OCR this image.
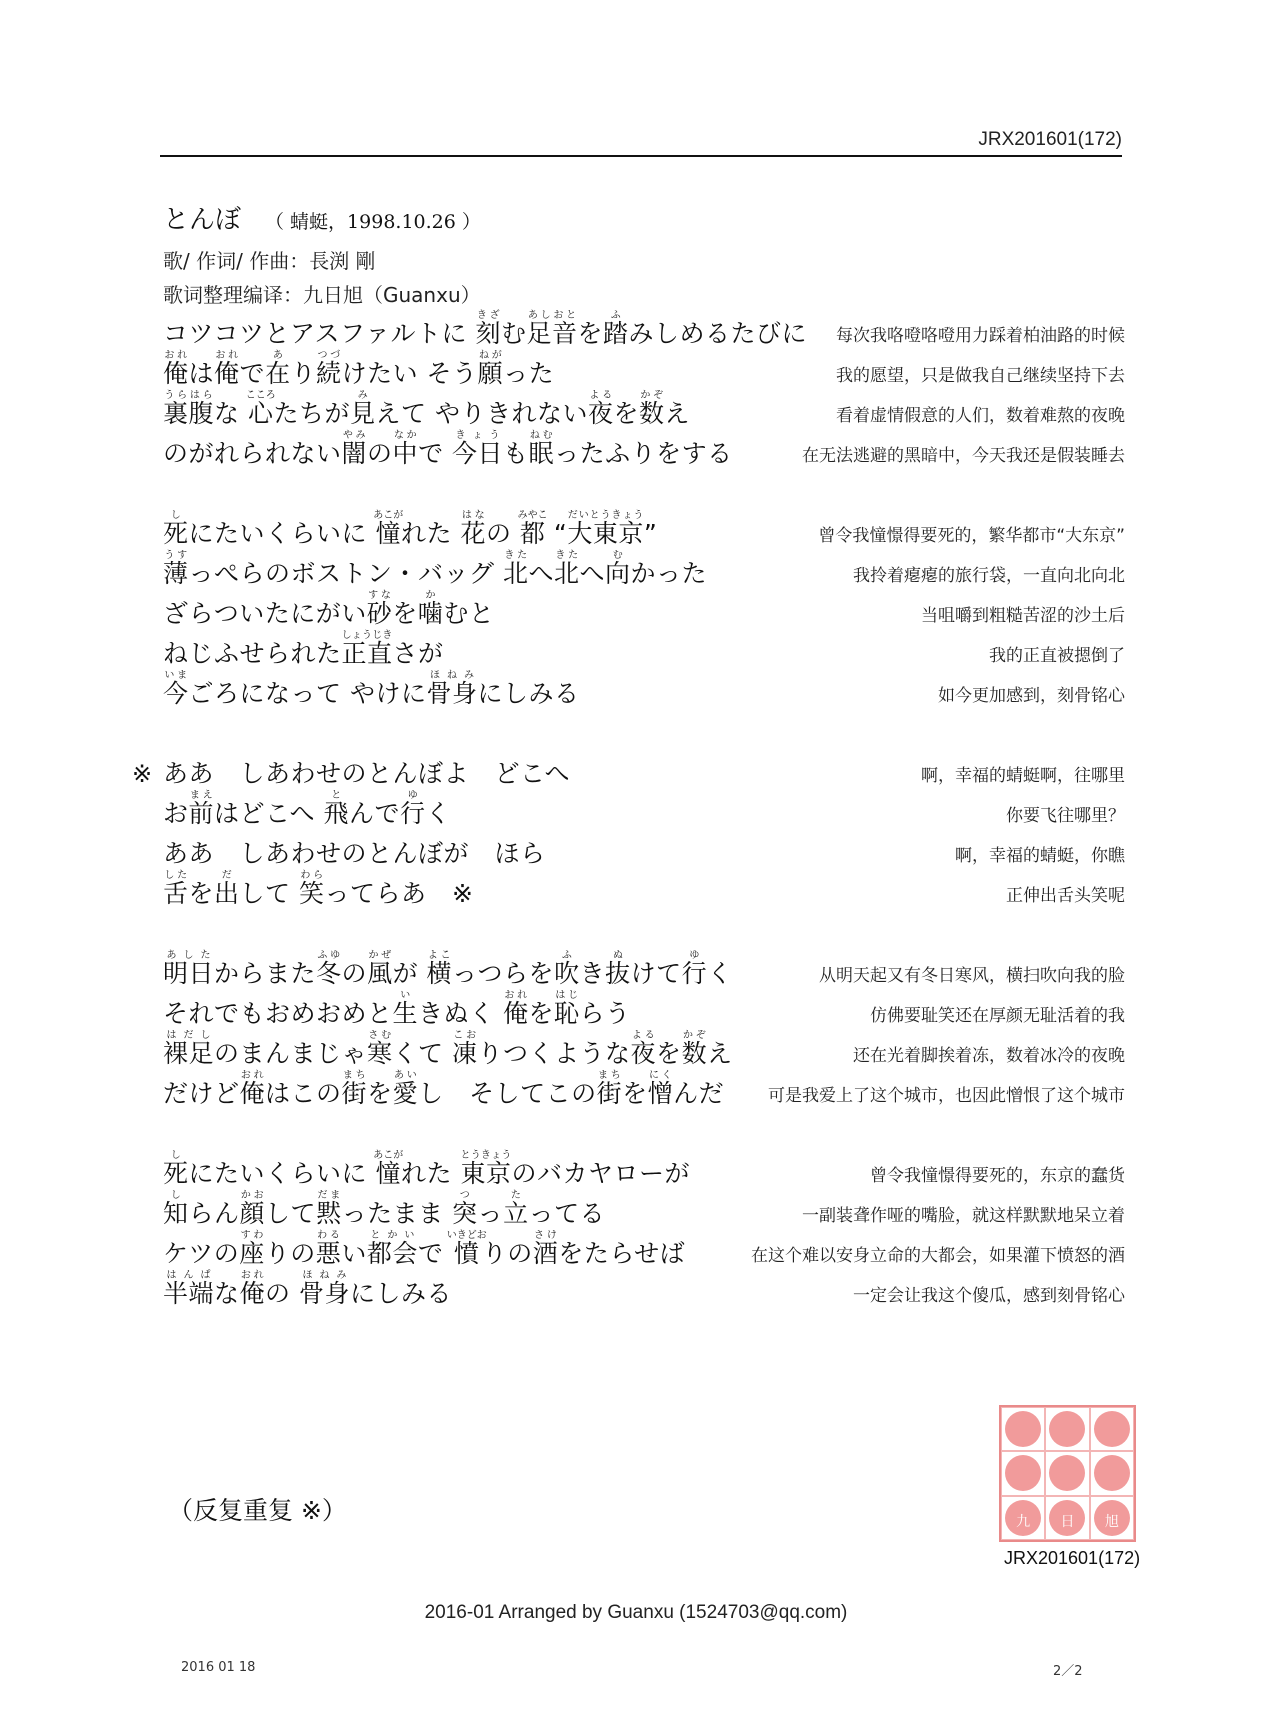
JRX201601(172)
とんぼ （ 蜻蜓，1998.10.26 ）
歌/ 作词/ 作曲：長渕 剛
歌词整理编译：九日旭（Guanxu）
コツコツとアスファルトに 刻きざむ足音あしおとを踏ふみしめるたびに 每次我咯噔咯噔用力踩着柏油路的时候
俺おれは俺おれで在あり続つづけたい そう願ねがった	我的愿望，只是做我自己继续坚持下去
裏腹うらはらな 心こころたちが見みえて やりきれない夜よるを数かぞえ	看着虚情假意的人们，数着难熬的夜晚
のがれられない闇やみの中なかで 今日きょうも眠ねむったふりをする	在无法逃避的黑暗中，今天我还是假装睡去
死しにたいくらいに 憧あこがれた 花はなの 都みやこ “大東京だいとうきょう”	曾令我憧憬得要死的，繁华都市“大东京”
薄うすっぺらのボストン・バッグ 北きたへ北きたへ向むかった	我拎着瘪瘪的旅行袋，一直向北向北
ざらついたにがい砂すなを噛かむと	当咀嚼到粗糙苦涩的沙土后
ねじふせられた正直しょうじきさが	我的正直被摁倒了
今いまごろになって やけに骨身ほねみにしみる	如今更加感到，刻骨铭心
ああ　しあわせのとんぼよ　どこへ	啊，幸福的蜻蜓啊，往哪里
お前まえはどこへ 飛とんで行ゆく	你要飞往哪里？
ああ　しあわせのとんぼが　ほら	啊，幸福的蜻蜓，你瞧
舌したを出だして 笑わらってらあ　※	正伸出舌头笑呢
明日あしたからまた冬ふゆの風かぜが 横よこっつらを吹ふき抜ぬけて行ゆく	从明天起又有冬日寒风，横扫吹向我的脸
それでもおめおめと生いきぬく 俺おれを恥はじらう	仿佛要耻笑还在厚颜无耻活着的我
裸足はだしのまんまじゃ寒さむくて 凍こおりつくような夜よるを数かぞえ	还在光着脚挨着冻，数着冰冷的夜晚
だけど俺おれはこの街まちを愛あいし　そしてこの街まちを憎にくんだ	可是我爱上了这个城市，也因此憎恨了这个城市
死しにたいくらいに 憧あこがれた 東京とうきょうのバカヤローが	曾令我憧憬得要死的，东京的蠢货
知しらん顔かおして黙だまったまま 突つっ立たってる	一副装聋作哑的嘴脸，就这样默默地呆立着
ケツの座すわりの悪わるい都会とかいで 憤いきどおりの酒さけをたらせば	在这个难以安身立命的大都会，如果灌下愤怒的酒
半端はんぱな俺おれの 骨身ほねみにしみる	一定会让我这个傻瓜，感到刻骨铭心
※
（反复重复 ※）	九	日	旭
JRX201601(172)
2016-01 Arranged by Guanxu (1524703@qq.com)
2016 01 18	2／2
